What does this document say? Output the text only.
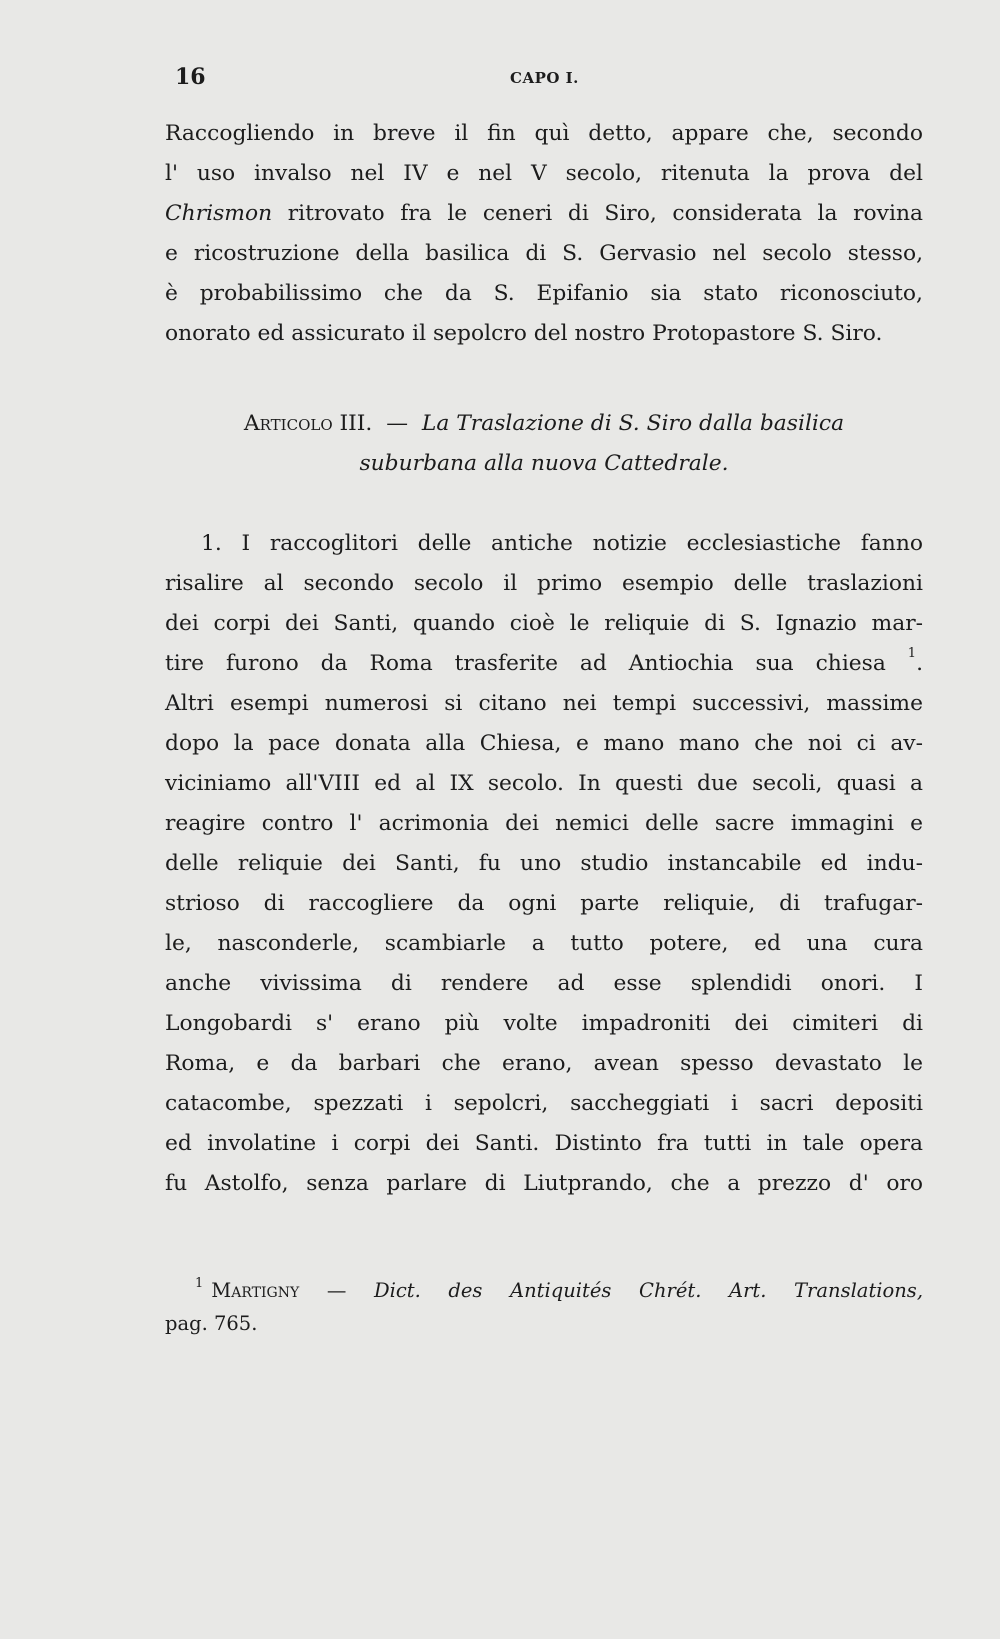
16	CAPO I.
Raccogliendo in breve il fin quì detto, appare che, secondo
l' uso invalso nel IV e nel V secolo, ritenuta la prova del
Chrismon ritrovato fra le ceneri di Siro, considerata la rovina
e ricostruzione della basilica di S. Gervasio nel secolo stesso,
è probabilissimo che da S. Epifanio sia stato riconosciuto,
onorato ed assicurato il sepolcro del nostro Protopastore S. Siro.
Articolo III. — La Traslazione di S. Siro dalla basilica
suburbana alla nuova Cattedrale.
1. I raccoglitori delle antiche notizie ecclesiastiche fanno
risalire al secondo secolo il primo esempio delle traslazioni
dei corpi dei Santi, quando cioè le reliquie di S. Ignazio mar-
tire furono da Roma trasferite ad Antiochia sua chiesa $^1$.
Altri esempi numerosi si citano nei tempi successivi, massime
dopo la pace donata alla Chiesa, e mano mano che noi ci av-
viciniamo all'VIII ed al IX secolo. In questi due secoli, quasi a
reagire contro l' acrimonia dei nemici delle sacre immagini e
delle reliquie dei Santi, fu uno studio instancabile ed indu-
strioso di raccogliere da ogni parte reliquie, di trafugar-
le, nasconderle, scambiarle a tutto potere, ed una cura
anche vivissima di rendere ad esse splendidi onori. I
Longobardi s' erano più volte impadroniti dei cimiteri di
Roma, e da barbari che erano, avean spesso devastato le
catacombe, spezzati i sepolcri, saccheggiati i sacri depositi
ed involatine i corpi dei Santi. Distinto fra tutti in tale opera
fu Astolfo, senza parlare di Liutprando, che a prezzo d' oro
$^1$ Martigny — Dict. des Antiquités Chrét. Art. Translations,
pag. 765.
